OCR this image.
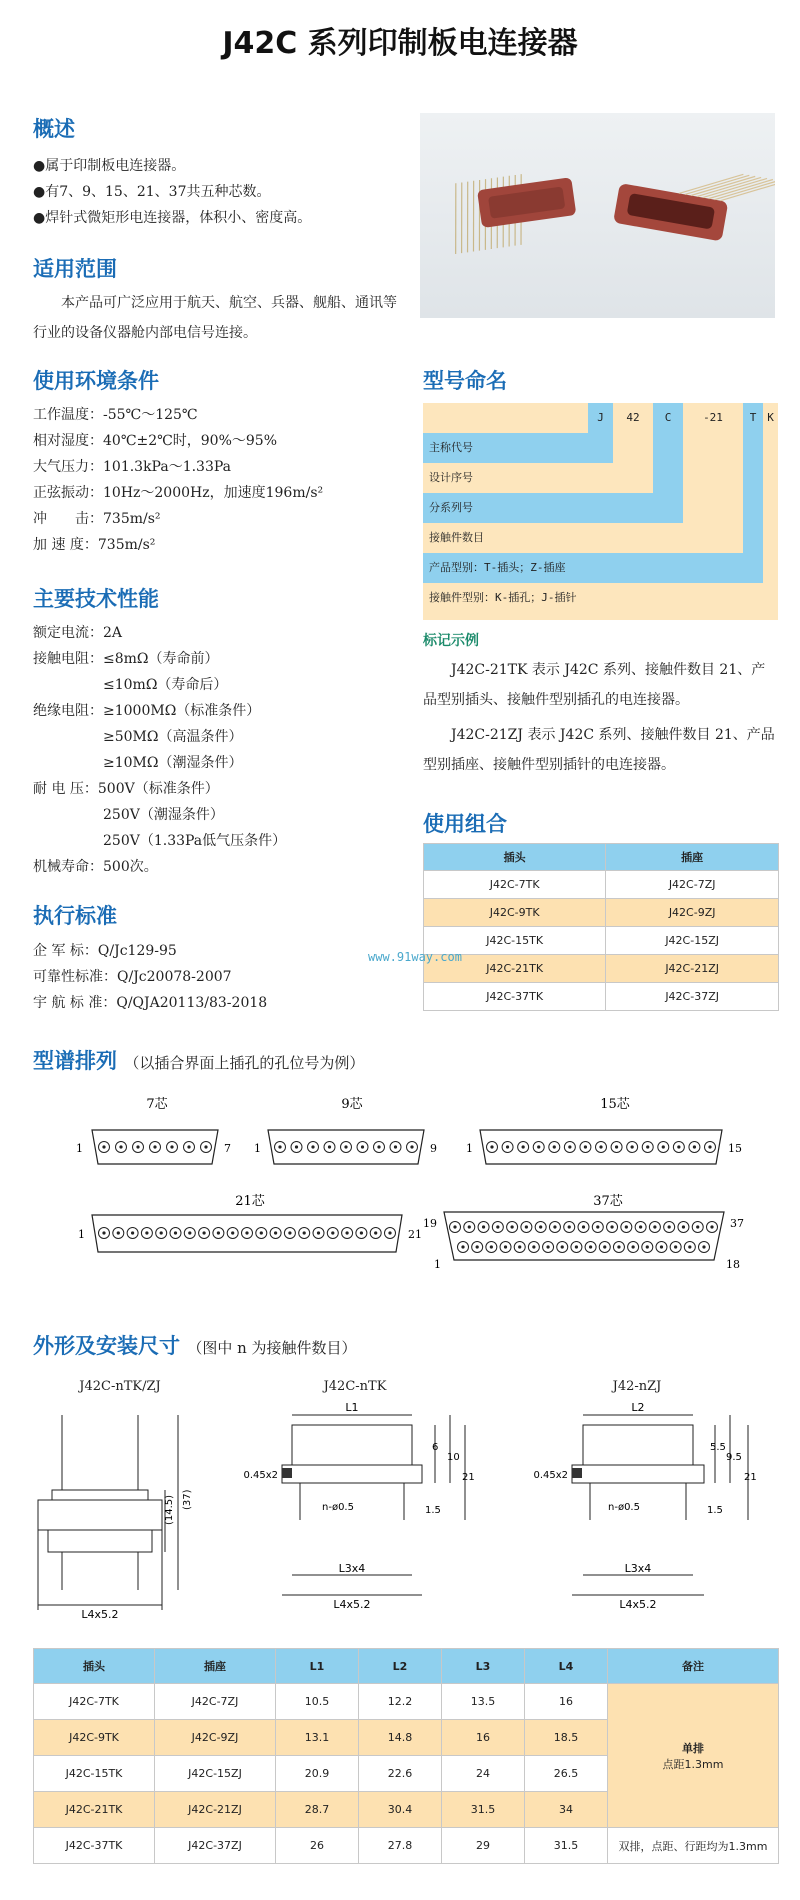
J42C 系列印制板电连接器
概述
●属于印制板电连接器。
●有7、9、15、21、37共五种芯数。
●焊针式微矩形电连接器，体积小、密度高。
适用范围
本产品可广泛应用于航天、航空、兵器、舰船、通讯等行业的设备仪器舱内部电信号连接。
使用环境条件
工作温度：-55℃～125℃
相对湿度：40℃±2℃时，90%～95%
大气压力：101.3kPa～1.33Pa
正弦振动：10Hz～2000Hz，加速度196m/s²
冲　　击：735m/s²
加 速 度：735m/s²
主要技术性能
额定电流：2A
接触电阻：≤8mΩ（寿命前）
　　　　　≤10mΩ（寿命后）
绝缘电阻：≥1000MΩ（标准条件）
　　　　　≥50MΩ（高温条件）
　　　　　≥10MΩ（潮湿条件）
耐 电 压：500V（标准条件）
　　　　　250V（潮湿条件）
　　　　　250V（1.33Pa低气压条件）
机械寿命：500次。
执行标准
企 军 标：Q/Jc129-95
可靠性标准：Q/Jc20078-2007
宇 航 标 准：Q/QJA20113/83-2018
型号命名
J	42	C	-21	T K
主称代号
设计序号
分系列号
接触件数目
产品型别：T-插头；Z-插座
接触件型别：K-插孔；J-插针
标记示例
J42C-21TK 表示 J42C 系列、接触件数目 21、产品型别插头、接触件型别插孔的电连接器。
J42C-21ZJ 表示 J42C 系列、接触件数目 21、产品型别插座、接触件型别插针的电连接器。
使用组合
插头	插座
J42C-7TK	J42C-7ZJ
J42C-9TK	J42C-9ZJ
J42C-15TK	J42C-15ZJ
J42C-21TK	J42C-21ZJ
J42C-37TK	J42C-37ZJ
www.91way.com
型谱排列 （以插合界面上插孔的孔位号为例）
7芯
1	7
9芯
1	9
15芯
1	15
21芯
1	21
37芯
19	37
1	18
外形及安装尺寸 （图中 n 为接触件数目）
J42C-nTK/ZJ	J42C-nTK	J42-nZJ
L4x5.2
(14.5) (37)
L1
L3x4
L4x5.2
0.45x2
n-ø0.5
6
10
21
1.5
L2
L3x4
L4x5.2
0.45x2
n-ø0.5
5.5
9.5
21
1.5
插头	插座	L1	L2	L3	L4	备注
J42C-7TK	J42C-7ZJ	10.5	12.2	13.5	16	单排
点距1.3mm

J42C-9TK	J42C-9ZJ	13.1	14.8	16	18.5	
J42C-15TK	J42C-15ZJ	20.9	22.6	24	26.5	
J42C-21TK	J42C-21ZJ	28.7	30.4	31.5	34	
J42C-37TK	J42C-37ZJ	26	27.8	29	31.5	双排，点距、行距均为1.3mm
